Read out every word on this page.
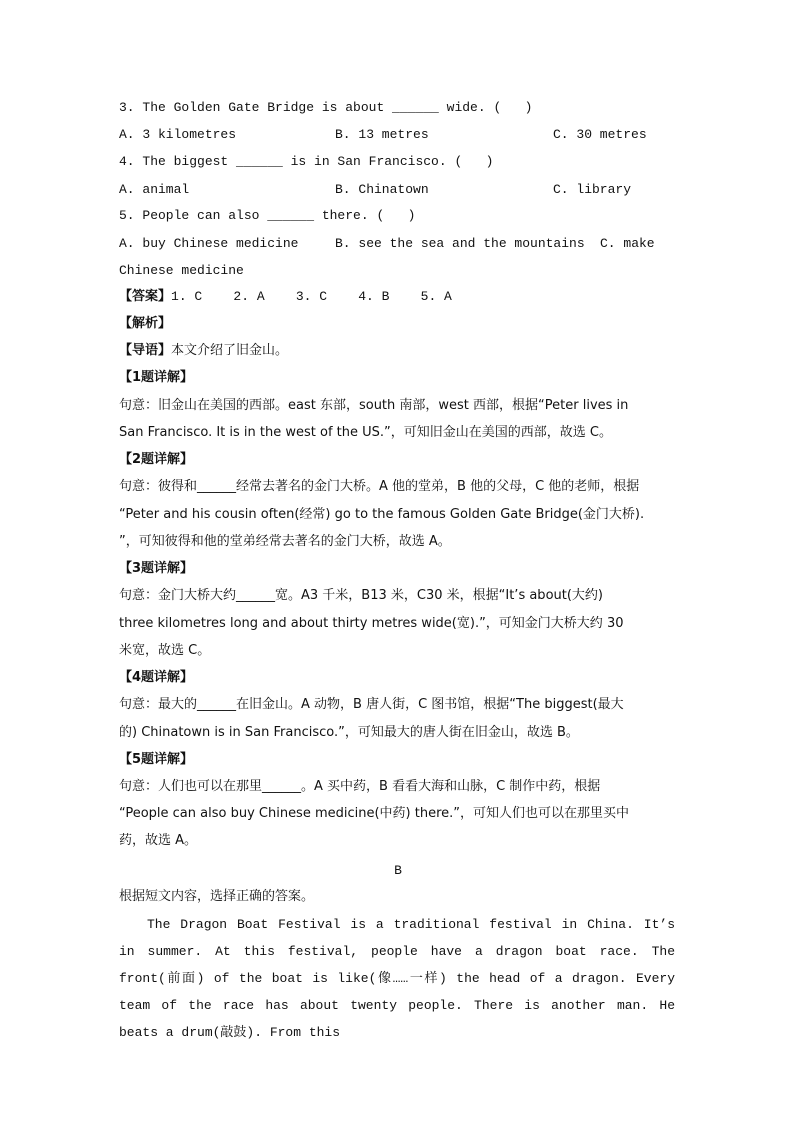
3. The Golden Gate Bridge is about ______ wide. (   )
A. 3 kilometres	B. 13 metres	C. 30 metres
4. The biggest ______ is in San Francisco. (   )
A. animal	B. Chinatown	C. library
5. People can also ______ there. (   )
A. buy Chinese medicine	B. see the sea and the mountains C. make
Chinese medicine
【答案】1. C    2. A    3. C    4. B    5. A
【解析】
【导语】本文介绍了旧金山。
【1题详解】
句意：旧金山在美国的西部。east 东部，south 南部，west 西部，根据“Peter lives in
San Francisco. It is in the west of the US.”，可知旧金山在美国的西部，故选 C。
【2题详解】
句意：彼得和______经常去著名的金门大桥。A 他的堂弟，B 他的父母，C 他的老师，根据
“Peter and his cousin often(经常) go to the famous Golden Gate Bridge(金门大桥).
”，可知彼得和他的堂弟经常去著名的金门大桥，故选 A。
【3题详解】
句意：金门大桥大约______宽。A3 千米，B13 米，C30 米，根据“It’s about(大约)
three kilometres long and about thirty metres wide(宽).”，可知金门大桥大约 30
米宽，故选 C。
【4题详解】
句意：最大的______在旧金山。A 动物，B 唐人街，C 图书馆，根据“The biggest(最大
的) Chinatown is in San Francisco.”，可知最大的唐人街在旧金山，故选 B。
【5题详解】
句意：人们也可以在那里______。A 买中药，B 看看大海和山脉，C 制作中药，根据
“People can also buy Chinese medicine(中药) there.”，可知人们也可以在那里买中
药，故选 A。
B
根据短文内容，选择正确的答案。
The Dragon Boat Festival is a traditional festival in China. It’s in summer. At this festival, people have a dragon boat race. The front(前面) of the boat is like(像……一样) the head of a dragon. Every team of the race has about twenty people. There is another man. He beats a drum(敲鼓). From this
